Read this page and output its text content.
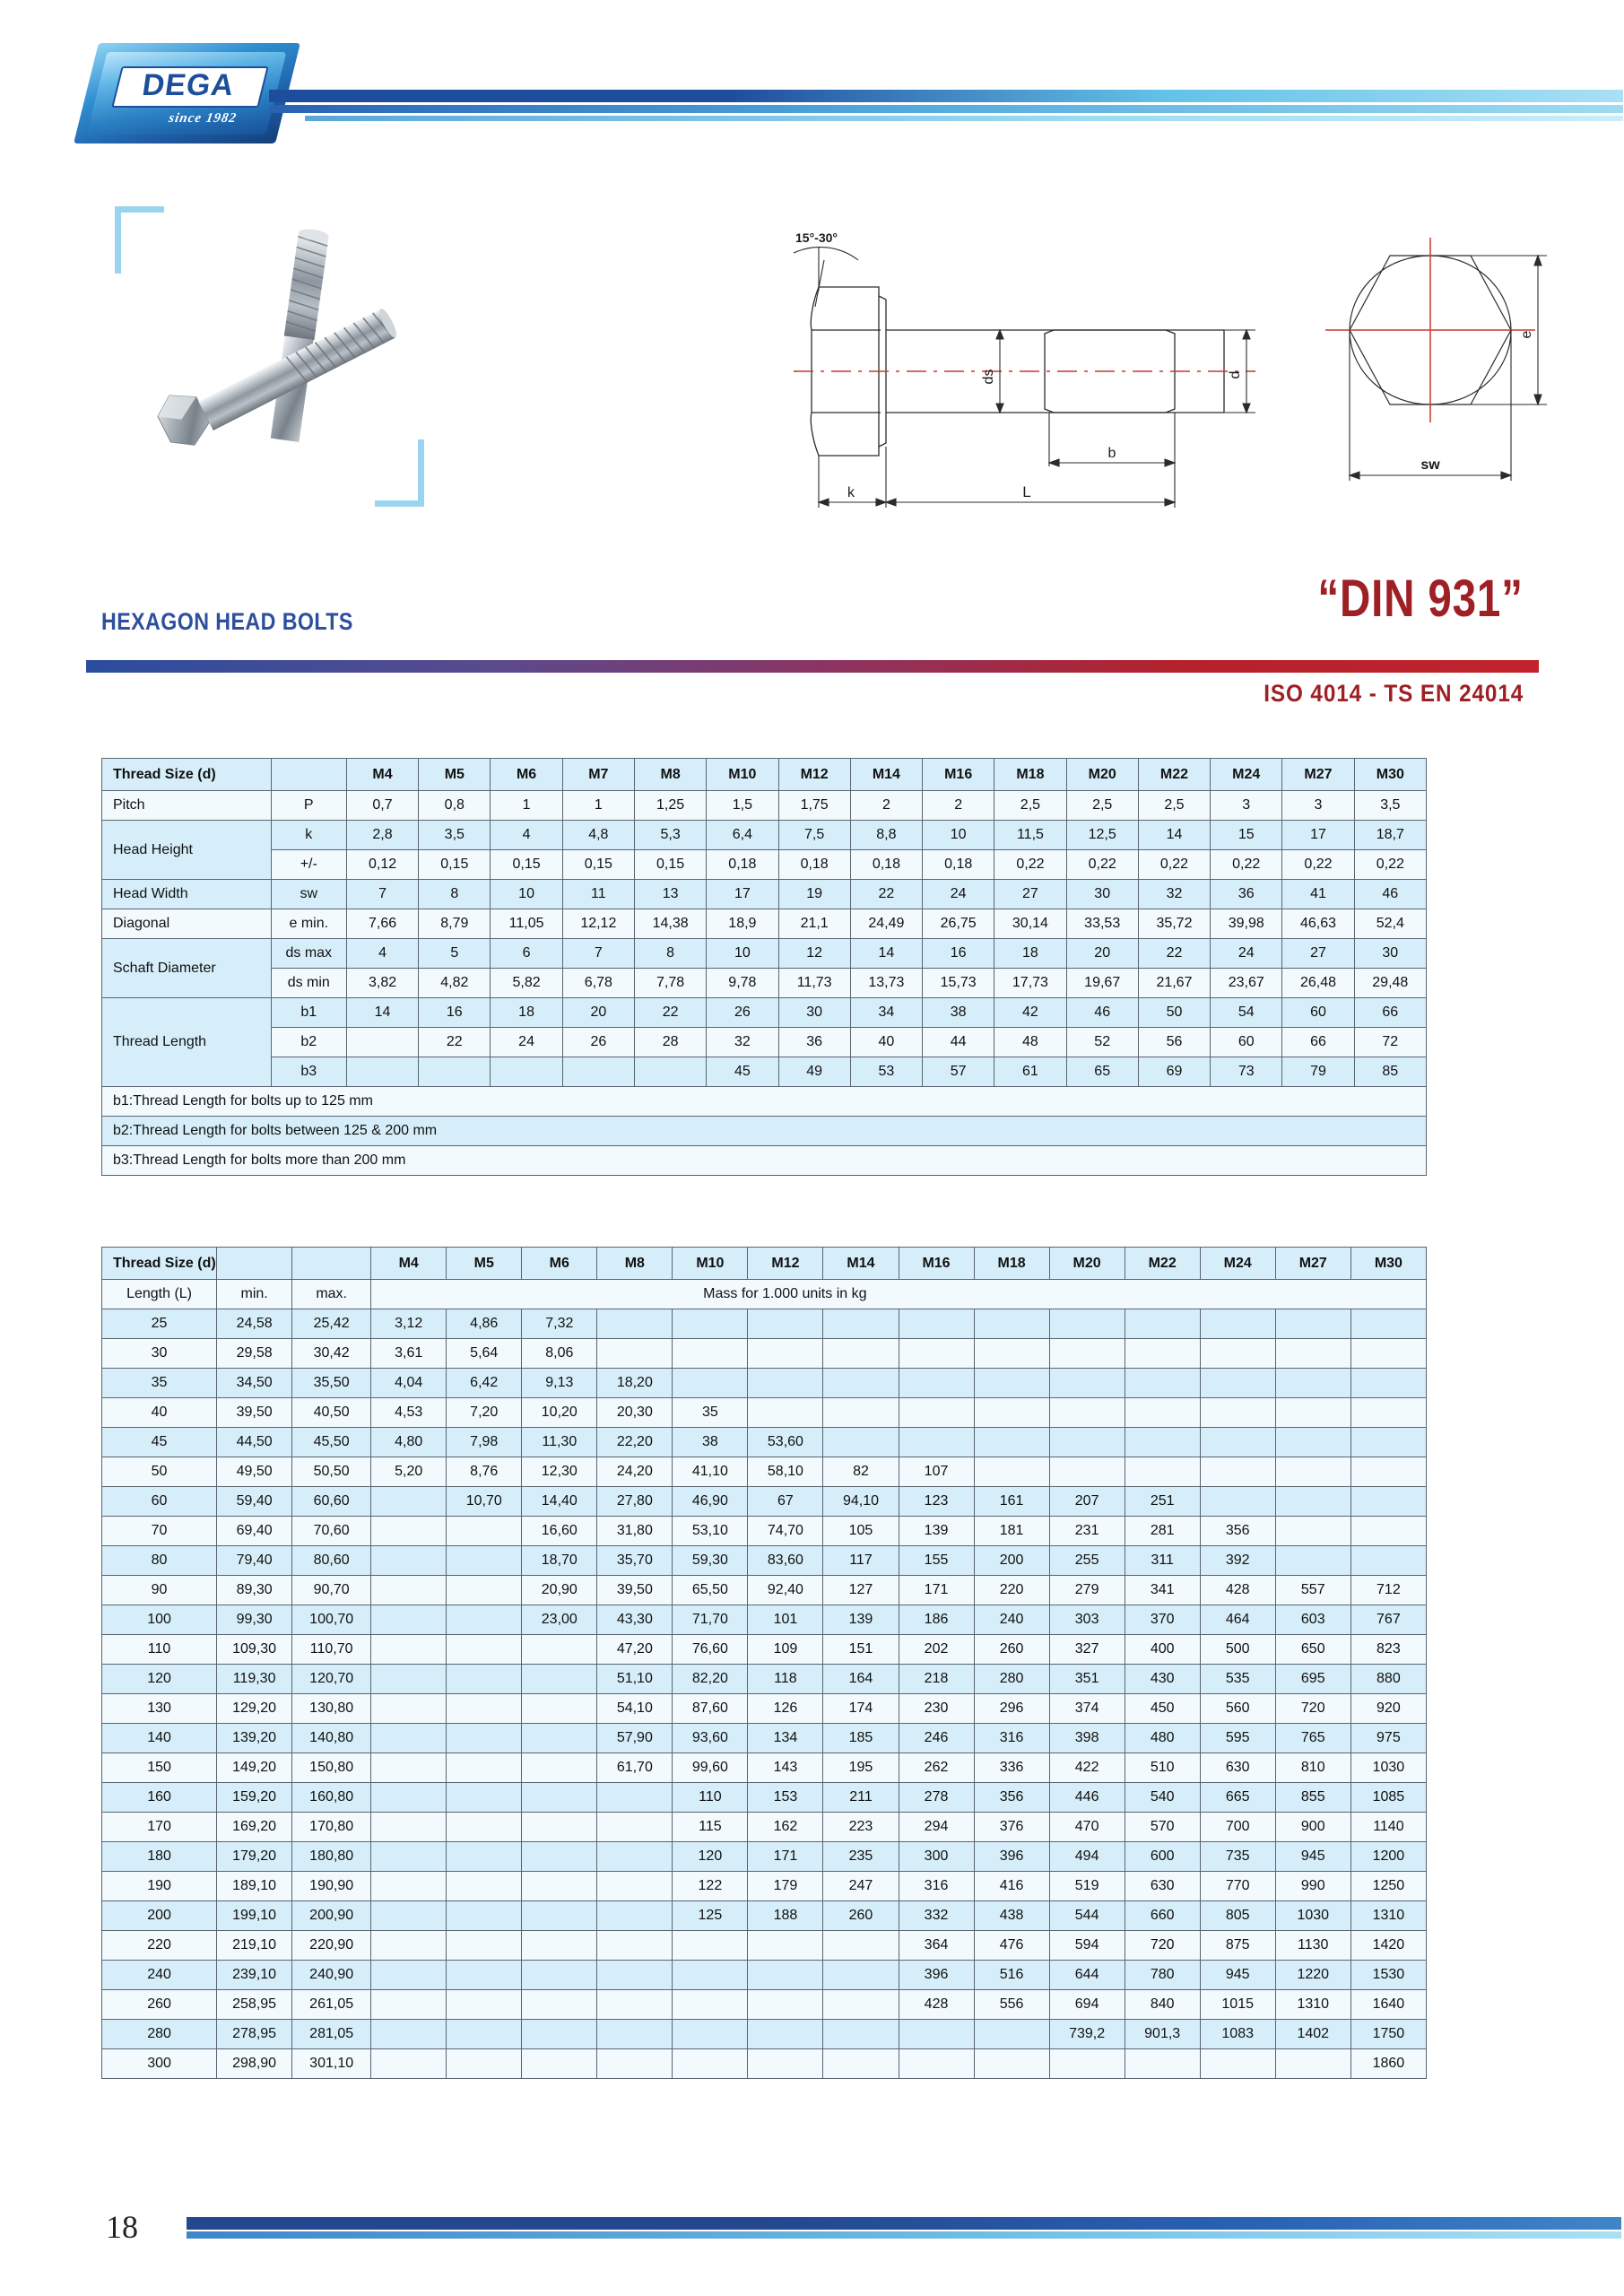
DEGA
since 1982
15°-30°
ds	d
b
k	L
e
sw
HEXAGON HEAD BOLTS	“DIN 931”
ISO 4014 - TS EN 24014
Thread Size (d)		M4	M5	M6	M7	M8	M10	M12	M14	M16	M18	M20	M22	M24	M27	M30
Pitch	P	0,7	0,8	1	1	1,25	1,5	1,75	2	2	2,5	2,5	2,5	3	3	3,5
Head Height	k	2,8	3,5	4	4,8	5,3	6,4	7,5	8,8	10	11,5	12,5	14	15	17	18,7
	+/-	0,12	0,15	0,15	0,15	0,15	0,18	0,18	0,18	0,18	0,22	0,22	0,22	0,22	0,22	0,22
Head Width	sw	7	8	10	11	13	17	19	22	24	27	30	32	36	41	46
Diagonal	e min.	7,66	8,79	11,05	12,12	14,38	18,9	21,1	24,49	26,75	30,14	33,53	35,72	39,98	46,63	52,4
Schaft Diameter	ds max	4	5	6	7	8	10	12	14	16	18	20	22	24	27	30
	ds min	3,82	4,82	5,82	6,78	7,78	9,78	11,73	13,73	15,73	17,73	19,67	21,67	23,67	26,48	29,48
Thread Length	b1	14	16	18	20	22	26	30	34	38	42	46	50	54	60	66
	b2		22	24	26	28	32	36	40	44	48	52	56	60	66	72
	b3						45	49	53	57	61	65	69	73	79	85
b1:Thread Length for bolts up to 125 mm																
b2:Thread Length for bolts between 125 & 200 mm																
b3:Thread Length for bolts more than 200 mm																
Thread Size (d)			M4	M5	M6	M8	M10	M12	M14	M16	M18	M20	M22	M24	M27	M30
Length (L)	min.	max.	Mass for 1.000 units in kg													
25	24,58	25,42	3,12	4,86	7,32											
30	29,58	30,42	3,61	5,64	8,06											
35	34,50	35,50	4,04	6,42	9,13	18,20										
40	39,50	40,50	4,53	7,20	10,20	20,30	35									
45	44,50	45,50	4,80	7,98	11,30	22,20	38	53,60								
50	49,50	50,50	5,20	8,76	12,30	24,20	41,10	58,10	82	107						
60	59,40	60,60		10,70	14,40	27,80	46,90	67	94,10	123	161	207	251			
70	69,40	70,60			16,60	31,80	53,10	74,70	105	139	181	231	281	356		
80	79,40	80,60			18,70	35,70	59,30	83,60	117	155	200	255	311	392		
90	89,30	90,70			20,90	39,50	65,50	92,40	127	171	220	279	341	428	557	712
100	99,30	100,70			23,00	43,30	71,70	101	139	186	240	303	370	464	603	767
110	109,30	110,70				47,20	76,60	109	151	202	260	327	400	500	650	823
120	119,30	120,70				51,10	82,20	118	164	218	280	351	430	535	695	880
130	129,20	130,80				54,10	87,60	126	174	230	296	374	450	560	720	920
140	139,20	140,80				57,90	93,60	134	185	246	316	398	480	595	765	975
150	149,20	150,80				61,70	99,60	143	195	262	336	422	510	630	810	1030
160	159,20	160,80					110	153	211	278	356	446	540	665	855	1085
170	169,20	170,80					115	162	223	294	376	470	570	700	900	1140
180	179,20	180,80					120	171	235	300	396	494	600	735	945	1200
190	189,10	190,90					122	179	247	316	416	519	630	770	990	1250
200	199,10	200,90					125	188	260	332	438	544	660	805	1030	1310
220	219,10	220,90								364	476	594	720	875	1130	1420
240	239,10	240,90								396	516	644	780	945	1220	1530
260	258,95	261,05								428	556	694	840	1015	1310	1640
280	278,95	281,05										739,2	901,3	1083	1402	1750
300	298,90	301,10														1860
18
